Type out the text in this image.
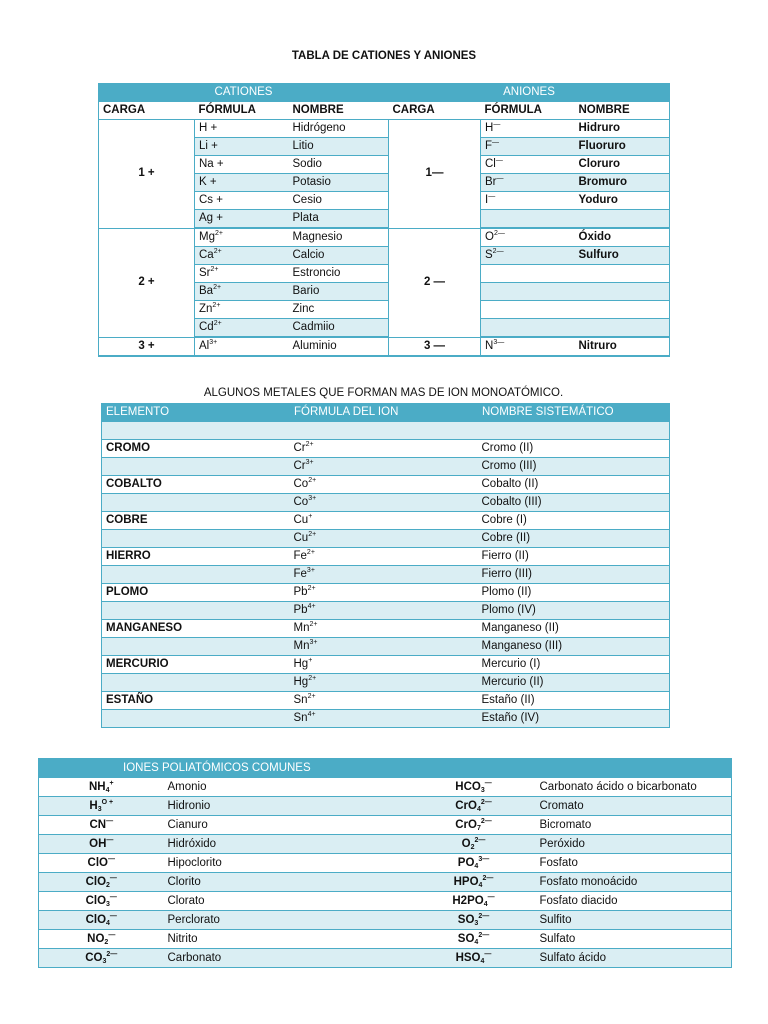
TABLA DE CATIONES Y ANIONES
CATIONES			ANIONES		
CARGA	FÓRMULA	NOMBRE	CARGA	FÓRMULA	NOMBRE
1 +	H +	Hidrógeno	1—	H—	Hidruro
	Li +	Litio		F—	Fluoruro
	Na +	Sodio		Cl—	Cloruro
	K +	Potasio		Br—	Bromuro
	Cs +	Cesio		I—	Yoduro
	Ag +	Plata			
2 +	$Mg^{2+}$	Magnesio	2 —	$O^{2—}$	Óxido
	$Ca^{2+}$	Calcio		$S^{2—}$	Sulfuro
	$Sr^{2+}$	Estroncio			
	$Ba^{2+}$	Bario			
	$Zn^{2+}$	Zinc			
	$Cd^{2+}$	Cadmiio			
3 +	$Al^{3+}$	Aluminio	3 —	$N^{3—}$	Nitruro
ALGUNOS METALES QUE FORMAN MAS DE ION MONOATÓMICO.
ELEMENTO	FÓRMULA DEL ION	NOMBRE SISTEMÁTICO

CROMO	$Cr^{2+}$	Cromo (II)
	$Cr^{3+}$	Cromo (III)
COBALTO	$Co^{2+}$	Cobalto (II)
	$Co^{3+}$	Cobalto (III)
COBRE	Cu+	Cobre (I)
	$Cu^{2+}$	Cobre (II)
HIERRO	$Fe^{2+}$	Fierro (II)
	$Fe^{3+}$	Fierro (III)
PLOMO	$Pb^{2+}$	Plomo (II)
	$Pb^{4+}$	Plomo (IV)
MANGANESO	$Mn^{2+}$	Manganeso (II)
	$Mn^{3+}$	Manganeso (III)
MERCURIO	Hg+	Mercurio (I)
	$Hg^{2+}$	Mercurio (II)
ESTAÑO	$Sn^{2+}$	Estaño (II)
	$Sn^{4+}$	Estaño (IV)
IONES POLIATÓMICOS COMUNES			
$NH_4^+$	Amonio	$HCO_3^—$	Carbonato ácido o bicarbonato
$H_3^{O +}$	Hidronio	CrO$_4^{2—}$	Cromato
CN—	Cianuro	CrO$_7^{2—}$	Bicromato
OH—	Hidróxido	$O_2^{2—}$	Peróxido
ClO—	Hipoclorito	$PO_4^{3—}$	Fosfato
ClO$_2$—	Clorito	$HPO_4^{2—}$	Fosfato monoácido
ClO$_3$—	Clorato	$H2PO_4^—$	Fosfato diacido
ClO$_4$—	Perclorato	$SO_3^{2—}$	Sulfito
$NO_2^—$	Nitrito	$SO_4^{2—}$	Sulfato
$CO_3^{2—}$	Carbonato	$HSO_4^—$	Sulfato ácido
